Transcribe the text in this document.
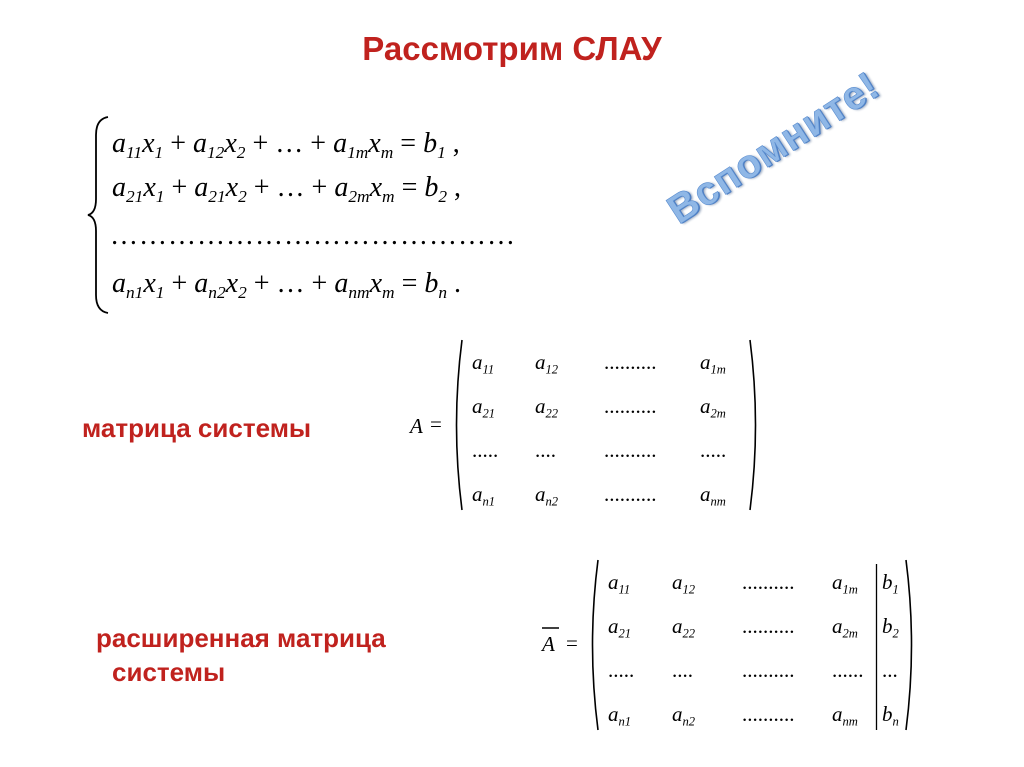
Рассмотрим СЛАУ
$a_{11}x_1 + a_{12}x_2$ + … + $a_{1m}x_m = b_1$ ,
$a_{21}x_1 + a_{21}x_2$ + … + $a_{2m}x_m = b_2$ ,
……………………………………
$a_{n1}x_1 + a_{n2}x_2$ + … + $a_{nm}x_m = b_n$ .
Вспомните!
матрица системы	A =
$a_{11}$ $a_{12}$ .......... $a_{1m}$
$a_{21}$ $a_{22}$ .......... $a_{2m}$
..... .... .......... .....
$a_{n1}$ $a_{n2}$ .......... $a_{nm}$
расширенная матрица
системы
A =
$a_{11}$ $a_{12}$ .......... $a_{1m}$ $b_1$
$a_{21}$ $a_{22}$ .......... $a_{2m}$ $b_2$
..... .... .......... ...... ...
$a_{n1}$ $a_{n2}$ .......... $a_{nm}$ $b_n$
